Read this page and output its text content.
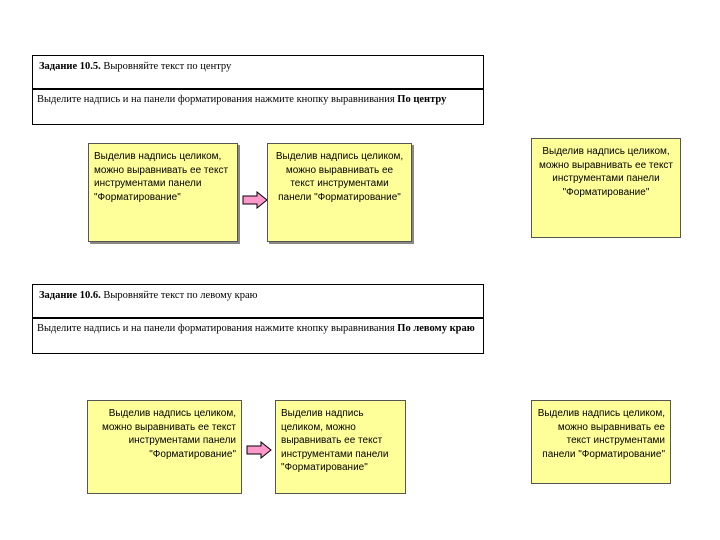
Задание 10.5. Выровняйте текст по центру
Выделите надпись и на панели форматирования нажмите кнопку выравнивания По центру
Выделив надпись целиком, можно выравнивать ее текст инструментами панели "Форматирование"
Выделив надпись целиком, можно выравнивать ее текст инструментами панели "Форматирование"
Выделив надпись целиком, можно выравнивать ее текст инструментами панели "Форматирование"
Задание 10.6. Выровняйте текст по левому краю
Выделите надпись и на панели форматирования нажмите кнопку выравнивания По левому краю
Выделив надпись целиком, можно выравнивать ее текст инструментами панели "Форматирование"
Выделив надпись целиком, можно выравнивать ее текст инструментами панели "Форматирование"
Выделив надпись целиком, можно выравнивать ее текст инструментами панели "Форматирование"
